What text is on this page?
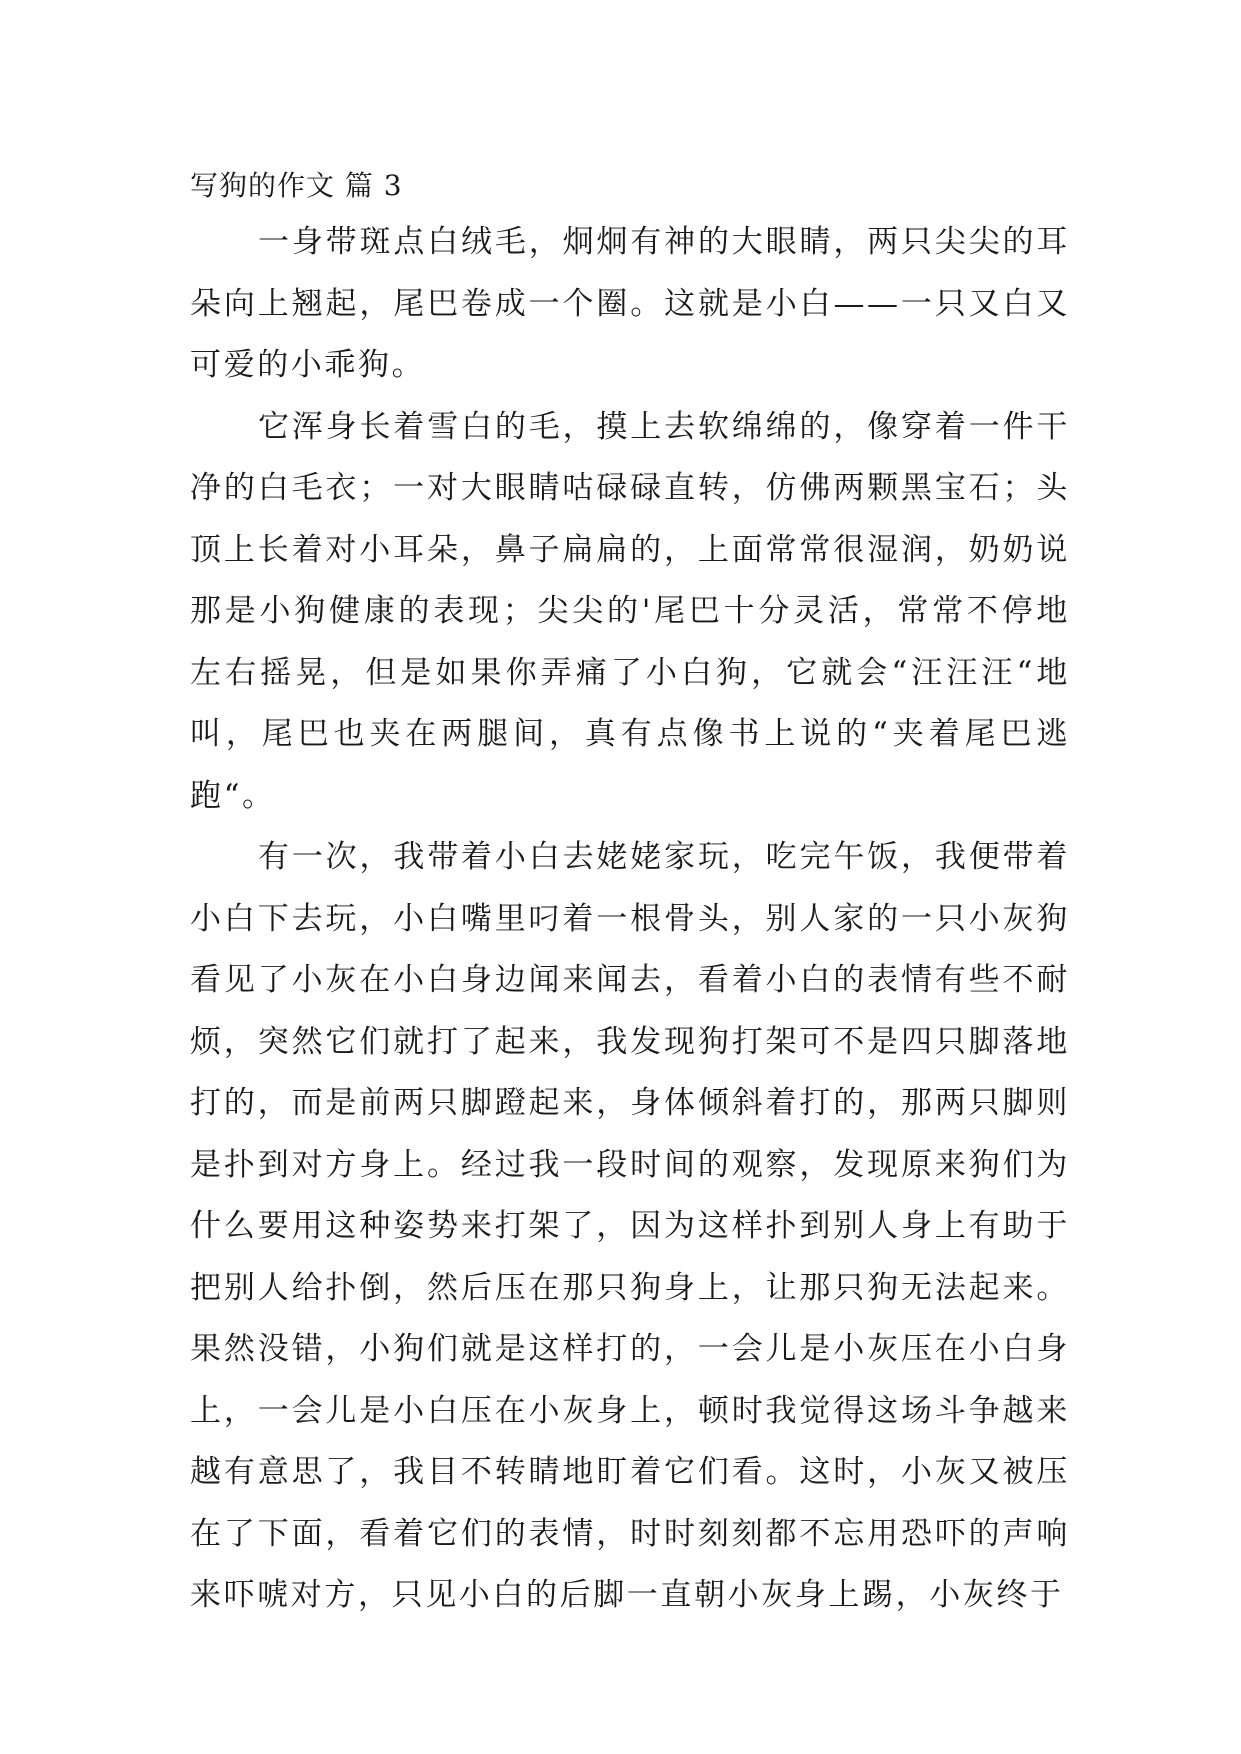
写狗的作文 篇 3

一身带斑点白绒毛，炯炯有神的大眼睛，两只尖尖的耳朵向上翘起，尾巴卷成一个圈。这就是小白——一只又白又可爱的小乖狗。

它浑身长着雪白的毛，摸上去软绵绵的，像穿着一件干净的白毛衣；一对大眼睛咕碌碌直转，仿佛两颗黑宝石；头顶上长着对小耳朵，鼻子扁扁的，上面常常很湿润，奶奶说那是小狗健康的表现；尖尖的'尾巴十分灵活，常常不停地左右摇晃，但是如果你弄痛了小白狗，它就会“汪汪汪“地叫，尾巴也夹在两腿间，真有点像书上说的“夹着尾巴逃跑“。

有一次，我带着小白去姥姥家玩，吃完午饭，我便带着小白下去玩，小白嘴里叼着一根骨头，别人家的一只小灰狗看见了小灰在小白身边闻来闻去，看着小白的表情有些不耐烦，突然它们就打了起来，我发现狗打架可不是四只脚落地打的，而是前两只脚蹬起来，身体倾斜着打的，那两只脚则是扑到对方身上。经过我一段时间的观察，发现原来狗们为什么要用这种姿势来打架了，因为这样扑到别人身上有助于把别人给扑倒，然后压在那只狗身上，让那只狗无法起来。果然没错，小狗们就是这样打的，一会儿是小灰压在小白身上，一会儿是小白压在小灰身上，顿时我觉得这场斗争越来越有意思了，我目不转睛地盯着它们看。这时，小灰又被压在了下面，看着它们的表情，时时刻刻都不忘用恐吓的声响来吓唬对方，只见小白的后脚一直朝小灰身上踢，小灰终于
